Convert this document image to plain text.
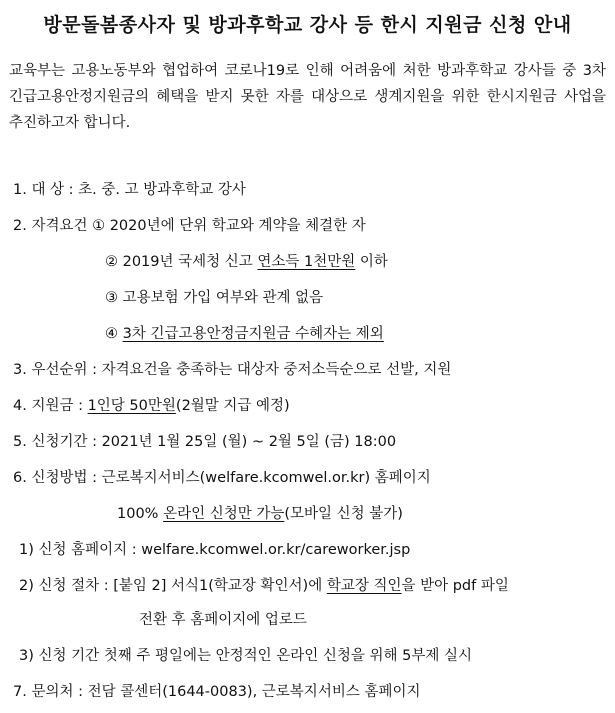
방문돌봄종사자 및 방과후학교 강사 등 한시 지원금 신청 안내
교육부는 고용노동부와 협업하여 코로나19로 인해 어려움에 처한 방과후학교 강사들 중 3차 긴급고용안정지원금의 혜택을 받지 못한 자를 대상으로 생계지원을 위한 한시지원금 사업을 추진하고자 합니다.
1. 대 상 : 초. 중. 고 방과후학교 강사
2. 자격요건 ① 2020년에 단위 학교와 계약을 체결한 자
② 2019년 국세청 신고 연소득 1천만원 이하
③ 고용보험 가입 여부와 관계 없음
④ 3차 긴급고용안정금지원금 수혜자는 제외
3. 우선순위 : 자격요건을 충족하는 대상자 중저소득순으로 선발, 지원
4. 지원금 : 1인당 50만원(2월말 지급 예정)
5. 신청기간 : 2021년 1월 25일 (월) ~ 2월 5일 (금) 18:00
6. 신청방법 : 근로복지서비스(welfare.kcomwel.or.kr) 홈페이지
100% 온라인 신청만 가능(모바일 신청 불가)
1) 신청 홈페이지 : welfare.kcomwel.or.kr/careworker.jsp
2) 신청 절차 : [붙임 2] 서식1(학교장 확인서)에 학교장 직인을 받아 pdf 파일
전환 후 홈페이지에 업로드
3) 신청 기간 첫째 주 평일에는 안정적인 온라인 신청을 위해 5부제 실시
7. 문의처 : 전담 콜센터(1644-0083), 근로복지서비스 홈페이지
